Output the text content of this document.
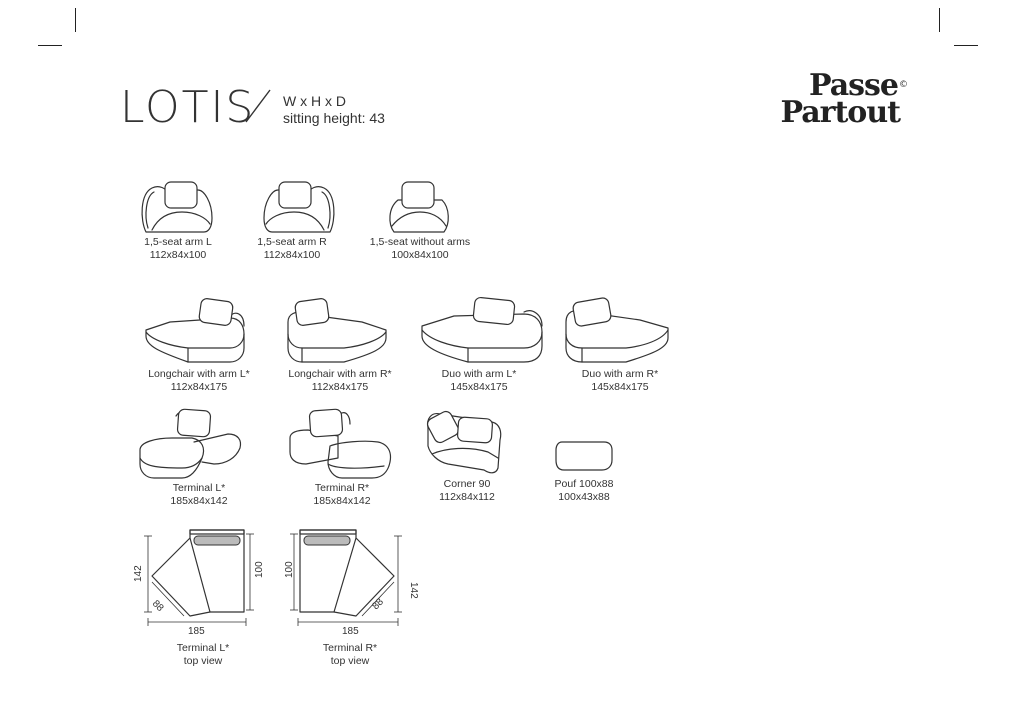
LOTIS W x H x D
sitting height: 43
Passe
Partout
©
1,5-seat arm L
112x84x100
1,5-seat arm R
112x84x100
1,5-seat without arms
100x84x100
Longchair with arm L*
112x84x175
Longchair with arm R*
112x84x175
Duo with arm L*
145x84x175
Duo with arm R*
145x84x175
Terminal L*
185x84x142
Terminal R*
185x84x142
Corner 90
112x84x112
Pouf 100x88
100x43x88
142	100
185
88
Terminal L*
top view
100
142
185
88
Terminal R*
top view
